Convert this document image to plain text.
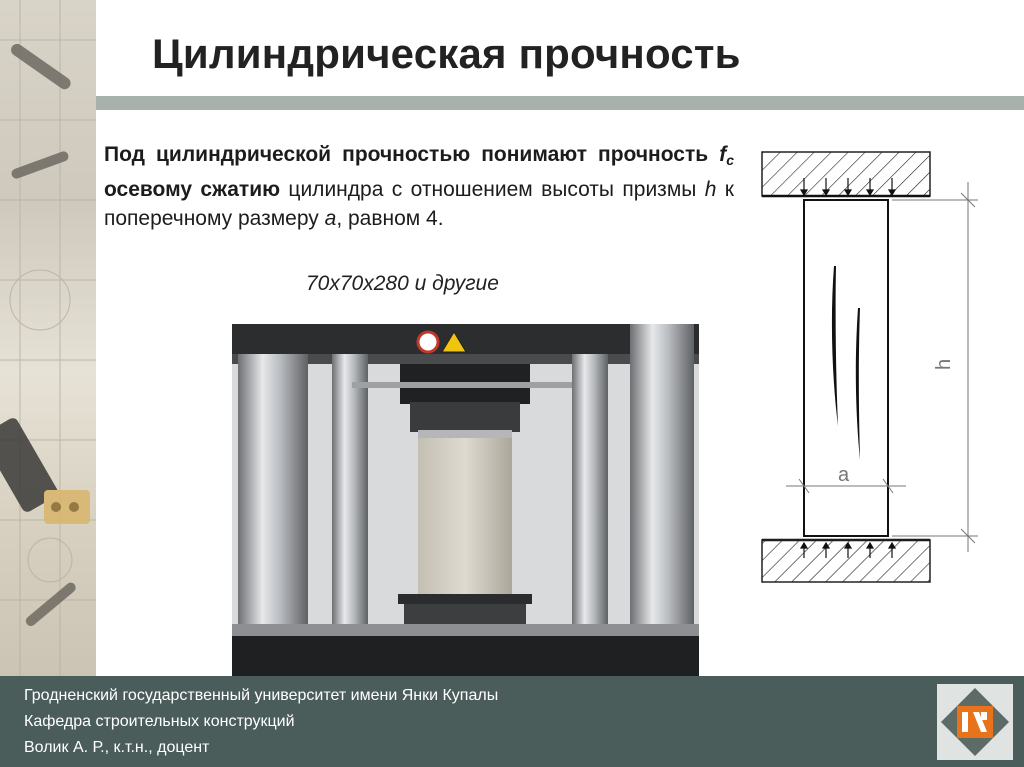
Цилиндрическая прочность

Под цилиндрической прочностью понимают прочность $f_c$ осевому сжатию цилиндра с отношением высоты призмы h к поперечному размеру a, равном 4.

70х70х280 и другие

h
a

Гродненский государственный университет имени Янки Купалы

Кафедра строительных конструкций

Волик А. Р., к.т.н., доцент
